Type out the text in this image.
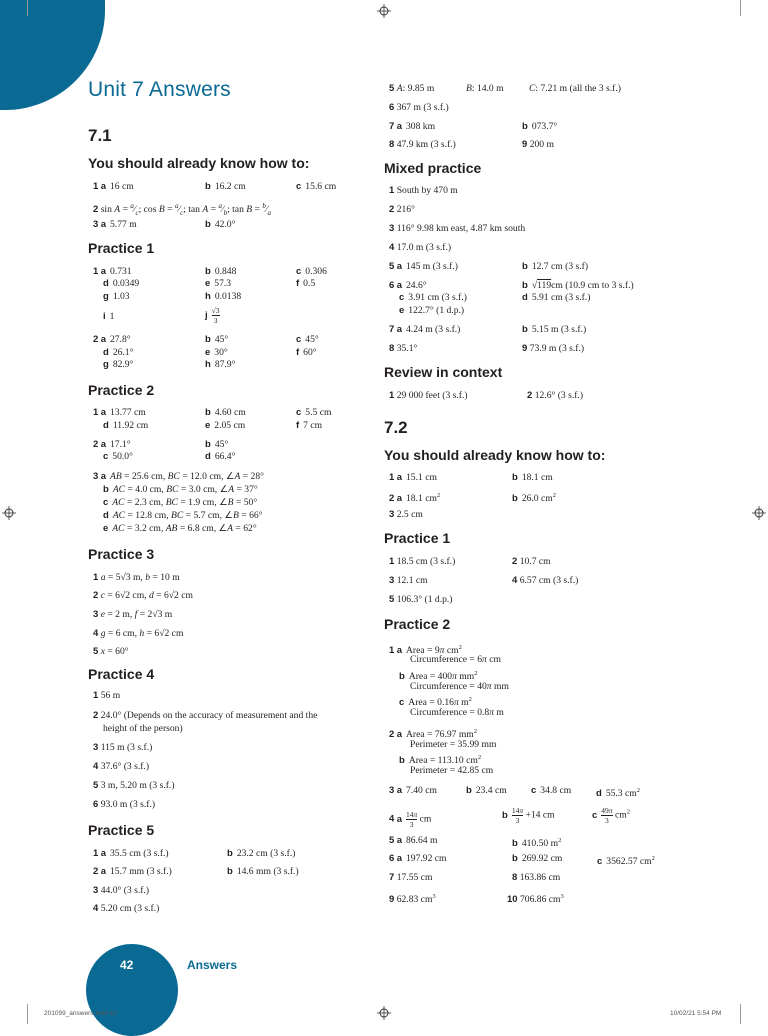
Unit 7 Answers
7.1
You should already know how to:
1 a 16 cm	b 16.2 cm	c 15.6 cm
2 $\sin A = ^a⁄_c$; $\cos B = ^a⁄_c$; $\tan A = ^a⁄_b$; $\tan B = ^b⁄_a$
3 a 5.77 m	b 42.0°
Practice 1
1 a 0.731	b 0.848	c 0.306
d 0.0349	e 57.3	f 0.5
g 1.03	h 0.0138
i 1	j $\frac{√3}{3}$
2 a 27.8°	b 45°	c 45°
d 26.1°	e 30°	f 60°
g 82.9°	h 87.9°
Practice 2
1 a 13.77 cm	b 4.60 cm	c 5.5 cm
d 11.92 cm	e 2.05 cm	f 7 cm
2 a 17.1°	b 45°
c 50.0°	d 66.4°
3 a AB = 25.6 cm, BC = 12.0 cm, ∠A = 28°
b AC = 4.0 cm, BC = 3.0 cm, ∠A = 37°
c AC = 2.3 cm, BC = 1.9 cm, ∠B = 50°
d AC = 12.8 cm, BC = 5.7 cm, ∠B = 66°
e AC = 3.2 cm, AB = 6.8 cm, ∠A = 62°
Practice 3
1 a = 5√3 m, b = 10 m
2 c = 6√2 cm, d = 6√2 cm
3 e = 2 m, f = 2√3 m
4 g = 6 cm, h = 6√2 cm
5 x = 60°
Practice 4
1 56 m
2 24.0° (Depends on the accuracy of measurement and the
height of the person)
3 115 m (3 s.f.)
4 37.6° (3 s.f.)
5 3 m, 5.20 m (3 s.f.)
6 93.0 m (3 s.f.)
Practice 5
1 a 35.5 cm (3 s.f.)	b 23.2 cm (3 s.f.)
2 a 15.7 mm (3 s.f.)	b 14.6 mm (3 s.f.)
3 44.0° (3 s.f.)
4 5.20 cm (3 s.f.)
5 A: 9.85 m	B: 14.0 m	C: 7.21 m (all the 3 s.f.)
6 367 m (3 s.f.)
7 a 308 km	b 073.7°
8 47.9 km (3 s.f.)	9 200 m
Mixed practice
1 South by 470 m
2 216°
3 116° 9.98 km east, 4.87 km south
4 17.0 m (3 s.f.)
5 a 145 m (3 s.f.)	b 12.7 cm (3 s.f)
6 a 24.6°	b √119cm (10.9 cm to 3 s.f.)
c 3.91 cm (3 s.f.)	d 5.91 cm (3 s.f.)
e 122.7° (1 d.p.)
7 a 4.24 m (3 s.f.)	b 5.15 m (3 s.f.)
8 35.1°	9 73.9 m (3 s.f.)
Review in context
1 29 000 feet (3 s.f.)	2 12.6° (3 s.f.)
7.2
You should already know how to:
1 a 15.1 cm	b 18.1 cm
2 a 18.1 $cm^2$	b 26.0 $cm^2$
3 2.5 cm
Practice 1
1 18.5 cm (3 s.f.)	2 10.7 cm
3 12.1 cm	4 6.57 cm (3 s.f.)
5 106.3° (1 d.p.)
Practice 2
1 a Area = 9π $cm^2$
Circumference = 6π cm
b Area = 400π $mm^2$
Circumference = 40π mm
c Area = 0.16π $m^2$
Circumference = 0.8π m
2 a Area = 76.97 $mm^2$
Perimeter = 35.99 mm
b Area = 113.10 $cm^2$
Perimeter = 42.85 cm
3 a 7.40 cm	b 23.4 cm	c 34.8 cm	d 55.3 $cm^2$
4 a $\frac{14\pi}{3}$ cm	b $\frac{14\pi}{3} +14$ cm	c $\frac{49\pi}{3} cm^2$
5 a 86.64 m	b 410.50 $m^2$
6 a 197.92 cm	b 269.92 cm	c 3562.57 $cm^2$
7 17.55 cm	8 163.86 cm
9 62.83 $cm^3$	10 706.86 $cm^3$
42	Answers
201099_answers.indd 42	10/02/21 5:54 PM
